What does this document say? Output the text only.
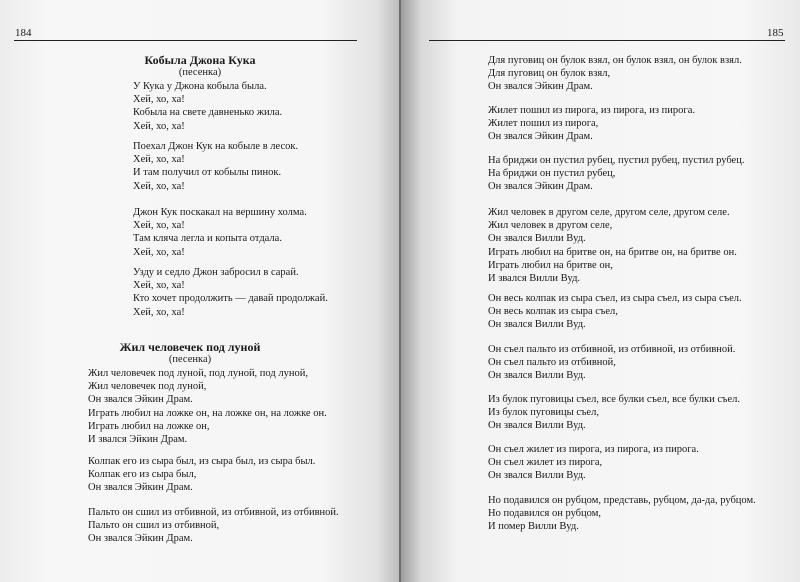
184
Кобыла Джона Кука
(песенка)
У Кука у Джона кобыла была.
Хей, хо, ха!
Кобыла на свете давненько жила.
Хей, хо, ха!
Поехал Джон Кук на кобыле в лесок.
Хей, хо, ха!
И там получил от кобылы пинок.
Хей, хо, ха!
Джон Кук поскакал на вершину холма.
Хей, хо, ха!
Там кляча легла и копыта отдала.
Хей, хо, ха!
Узду и седло Джон забросил в сарай.
Хей, хо, ха!
Кто хочет продолжить — давай продолжай.
Хей, хо, ха!
Жил человечек под луной
(песенка)
Жил человечек под луной, под луной, под луной,
Жил человечек под луной,
Он звался Эйкин Драм.
Играть любил на ложке он, на ложке он, на ложке он.
Играть любил на ложке он,
И звался Эйкин Драм.
Колпак его из сыра был, из сыра был, из сыра был.
Колпак его из сыра был,
Он звался Эйкин Драм.
Пальто он сшил из отбивной, из отбивной, из отбивной.
Пальто он сшил из отбивной,
Он звался Эйкин Драм.
185
Для пуговиц он булок взял, он булок взял, он булок взял.
Для пуговиц он булок взял,
Он звался Эйкин Драм.
Жилет пошил из пирога, из пирога, из пирога.
Жилет пошил из пирога,
Он звался Эйкин Драм.
На бриджи он пустил рубец, пустил рубец, пустил рубец.
На бриджи он пустил рубец,
Он звался Эйкин Драм.
Жил человек в другом селе, другом селе, другом селе.
Жил человек в другом селе,
Он звался Вилли Вуд.
Играть любил на бритве он, на бритве он, на бритве он.
Играть любил на бритве он,
И звался Вилли Вуд.
Он весь колпак из сыра съел, из сыра съел, из сыра съел.
Он весь колпак из сыра съел,
Он звался Вилли Вуд.
Он съел пальто из отбивной, из отбивной, из отбивной.
Он съел пальто из отбивной,
Он звался Вилли Вуд.
Из булок пуговицы съел, все булки съел, все булки съел.
Из булок пуговицы съел,
Он звался Вилли Вуд.
Он съел жилет из пирога, из пирога, из пирога.
Он съел жилет из пирога,
Он звался Вилли Вуд.
Но подавился он рубцом, представь, рубцом, да-да, рубцом.
Но подавился он рубцом,
И помер Вилли Вуд.
